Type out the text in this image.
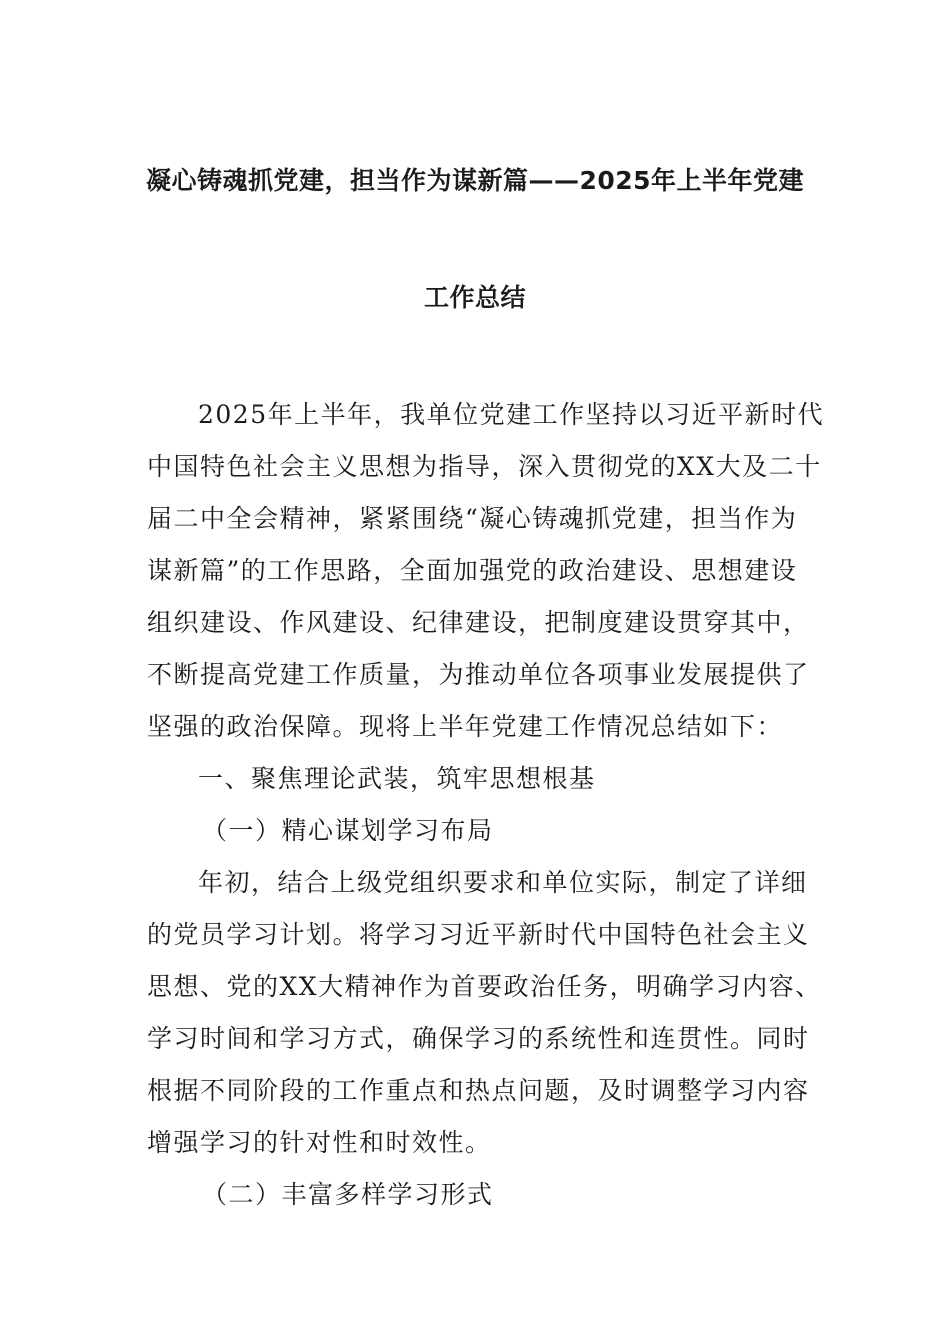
凝心铸魂抓党建，担当作为谋新篇——2025年上半年党建
工作总结
2025年上半年，我单位党建工作坚持以习近平新时代
中国特色社会主义思想为指导，深入贯彻党的XX大及二十
届二中全会精神，紧紧围绕“凝心铸魂抓党建，担当作为
谋新篇”的工作思路，全面加强党的政治建设、思想建设
组织建设、作风建设、纪律建设，把制度建设贯穿其中，
不断提高党建工作质量，为推动单位各项事业发展提供了
坚强的政治保障。现将上半年党建工作情况总结如下：
一、聚焦理论武装，筑牢思想根基
（一）精心谋划学习布局
年初，结合上级党组织要求和单位实际，制定了详细
的党员学习计划。将学习习近平新时代中国特色社会主义
思想、党的XX大精神作为首要政治任务，明确学习内容、
学习时间和学习方式，确保学习的系统性和连贯性。同时
根据不同阶段的工作重点和热点问题，及时调整学习内容
增强学习的针对性和时效性。
（二）丰富多样学习形式
